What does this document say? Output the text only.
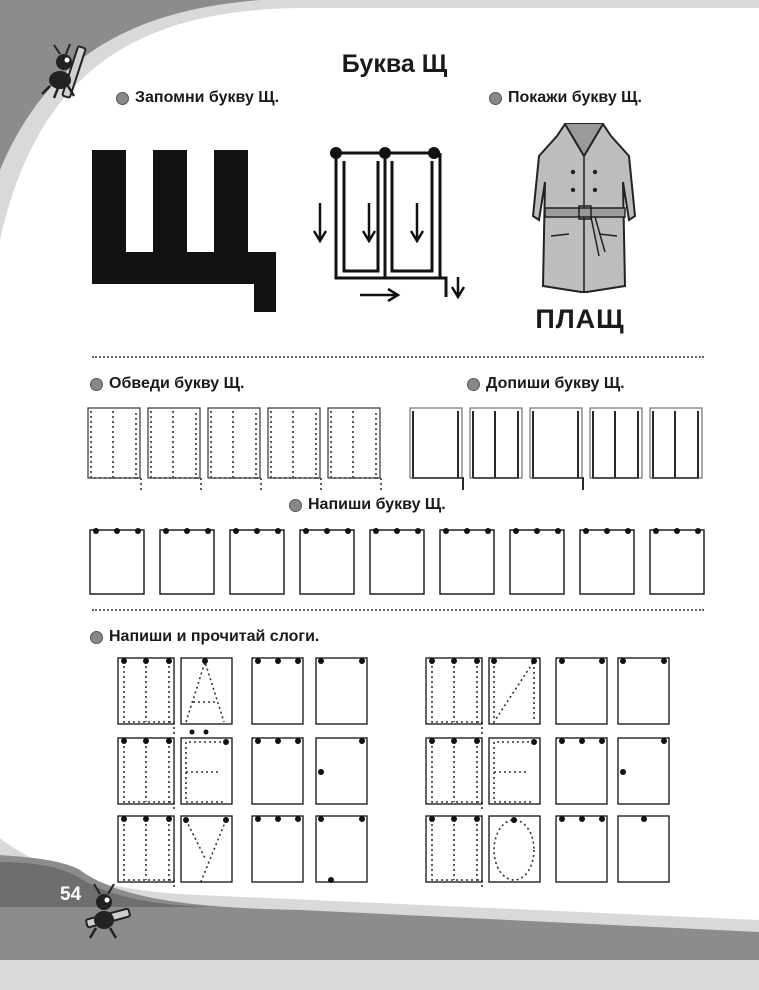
54
Буква Щ
Запомни букву Щ.	Покажи букву Щ.
ПЛАЩ
Обведи букву Щ.	Допиши букву Щ.
Напиши букву Щ.
Напиши и прочитай слоги.
